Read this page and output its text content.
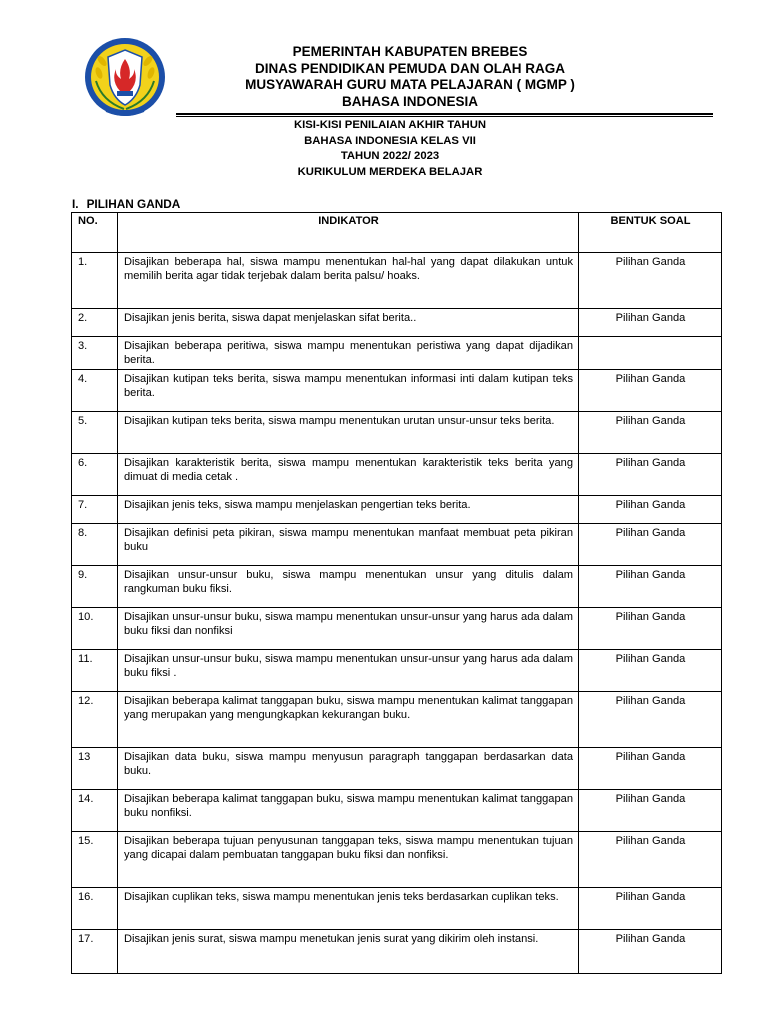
PEMERINTAH KABUPATEN BREBES
DINAS PENDIDIKAN PEMUDA DAN OLAH RAGA
MUSYAWARAH GURU MATA PELAJARAN ( MGMP )
BAHASA INDONESIA
KISI-KISI PENILAIAN AKHIR TAHUN
BAHASA INDONESIA KELAS VII
TAHUN 2022/ 2023
KURIKULUM MERDEKA BELAJAR
I. PILIHAN GANDA
NO.	INDIKATOR	BENTUK SOAL
1.	Disajikan beberapa hal, siswa mampu menentukan hal-hal yang dapat dilakukan untuk memilih berita agar tidak terjebak dalam berita palsu/ hoaks.	Pilihan Ganda
2.	Disajikan jenis berita, siswa dapat menjelaskan sifat berita..	Pilihan Ganda
3.	Disajikan beberapa peritiwa, siswa mampu menentukan peristiwa yang dapat dijadikan berita.	
4.	Disajikan kutipan teks berita, siswa mampu menentukan informasi inti dalam kutipan teks berita.	Pilihan Ganda
5.	Disajikan kutipan teks berita, siswa mampu menentukan urutan unsur-unsur teks berita.	Pilihan Ganda
6.	Disajikan karakteristik berita, siswa mampu menentukan karakteristik teks berita yang dimuat di media cetak .	Pilihan Ganda
7.	Disajikan jenis teks, siswa mampu menjelaskan pengertian teks berita.	Pilihan Ganda
8.	Disajikan definisi peta pikiran, siswa mampu menentukan manfaat membuat peta pikiran buku	Pilihan Ganda
9.	Disajikan unsur-unsur buku, siswa mampu menentukan unsur yang ditulis dalam rangkuman buku fiksi.	Pilihan Ganda
10.	Disajikan unsur-unsur buku, siswa mampu menentukan unsur-unsur yang harus ada dalam buku fiksi dan nonfiksi	Pilihan Ganda
11.	Disajikan unsur-unsur buku, siswa mampu menentukan unsur-unsur yang harus ada dalam buku fiksi .	Pilihan Ganda
12.	Disajikan beberapa kalimat tanggapan buku, siswa mampu menentukan kalimat tanggapan yang merupakan yang mengungkapkan kekurangan buku.	Pilihan Ganda
13	Disajikan data buku, siswa mampu menyusun paragraph tanggapan berdasarkan data buku.	Pilihan Ganda
14.	Disajikan beberapa kalimat tanggapan buku, siswa mampu menentukan kalimat tanggapan buku nonfiksi.	Pilihan Ganda
15.	Disajikan beberapa tujuan penyusunan tanggapan teks, siswa mampu menentukan tujuan yang dicapai dalam pembuatan tanggapan buku fiksi dan nonfiksi.	Pilihan Ganda
16.	Disajikan cuplikan teks, siswa mampu menentukan jenis teks berdasarkan cuplikan teks.	Pilihan Ganda
17.	Disajikan jenis surat, siswa mampu menetukan jenis surat yang dikirim oleh instansi.	Pilihan Ganda
